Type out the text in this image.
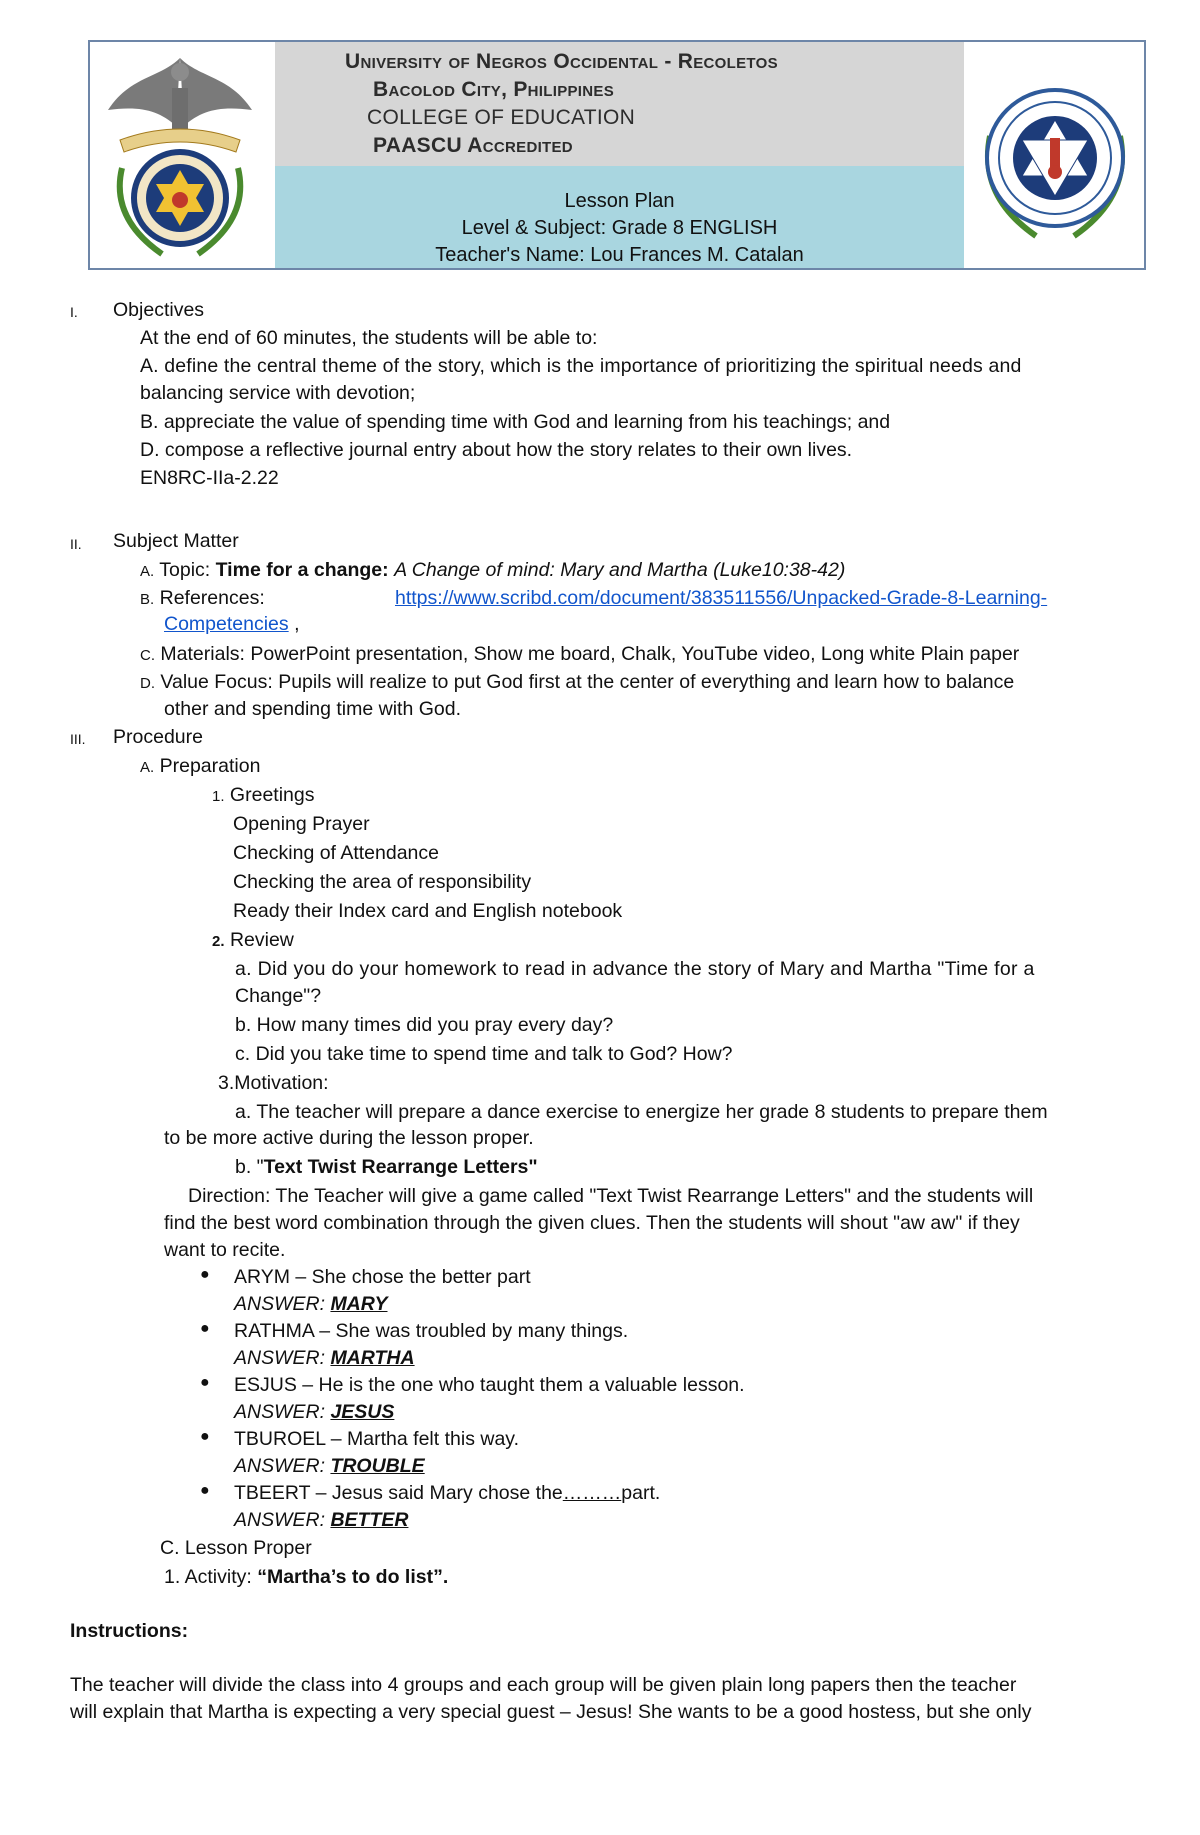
University of Negros Occidental - Recoletos
Bacolod City, Philippines
COLLEGE OF EDUCATION
PAASCU Accredited
Lesson Plan
Level & Subject: Grade 8 ENGLISH
Teacher's Name: Lou Frances M. Catalan
I. Objectives
At the end of 60 minutes, the students will be able to:
A. define the central theme of the story, which is the importance of prioritizing the spiritual needs and
balancing service with devotion;
B. appreciate the value of spending time with God and learning from his teachings; and
D. compose a reflective journal entry about how the story relates to their own lives.
EN8RC-IIa-2.22
II. Subject Matter
A. Topic: Time for a change: A Change of mind: Mary and Martha (Luke10:38-42)
B. References:	https://www.scribd.com/document/383511556/Unpacked-Grade-8-Learning-
Competencies ,
C. Materials: PowerPoint presentation, Show me board, Chalk, YouTube video, Long white Plain paper
D. Value Focus: Pupils will realize to put God first at the center of everything and learn how to balance
other and spending time with God.
III. Procedure
A. Preparation
1. Greetings
Opening Prayer
Checking of Attendance
Checking the area of responsibility
Ready their Index card and English notebook
2. Review
a. Did you do your homework to read in advance the story of Mary and Martha "Time for a
Change"?
b. How many times did you pray every day?
c. Did you take time to spend time and talk to God? How?
3.Motivation:
a. The teacher will prepare a dance exercise to energize her grade 8 students to prepare them
to be more active during the lesson proper.
b. "Text Twist Rearrange Letters"
Direction: The Teacher will give a game called "Text Twist Rearrange Letters" and the students will
find the best word combination through the given clues. Then the students will shout "aw aw" if they
want to recite.
● ARYM – She chose the better part
ANSWER: MARY
● RATHMA – She was troubled by many things.
ANSWER: MARTHA
● ESJUS – He is the one who taught them a valuable lesson.
ANSWER: JESUS
● TBUROEL – Martha felt this way.
ANSWER: TROUBLE
● TBEERT – Jesus said Mary chose the………part.
ANSWER: BETTER
C. Lesson Proper
1. Activity: “Martha’s to do list”.
Instructions:
The teacher will divide the class into 4 groups and each group will be given plain long papers then the teacher
will explain that Martha is expecting a very special guest – Jesus! She wants to be a good hostess, but she only
